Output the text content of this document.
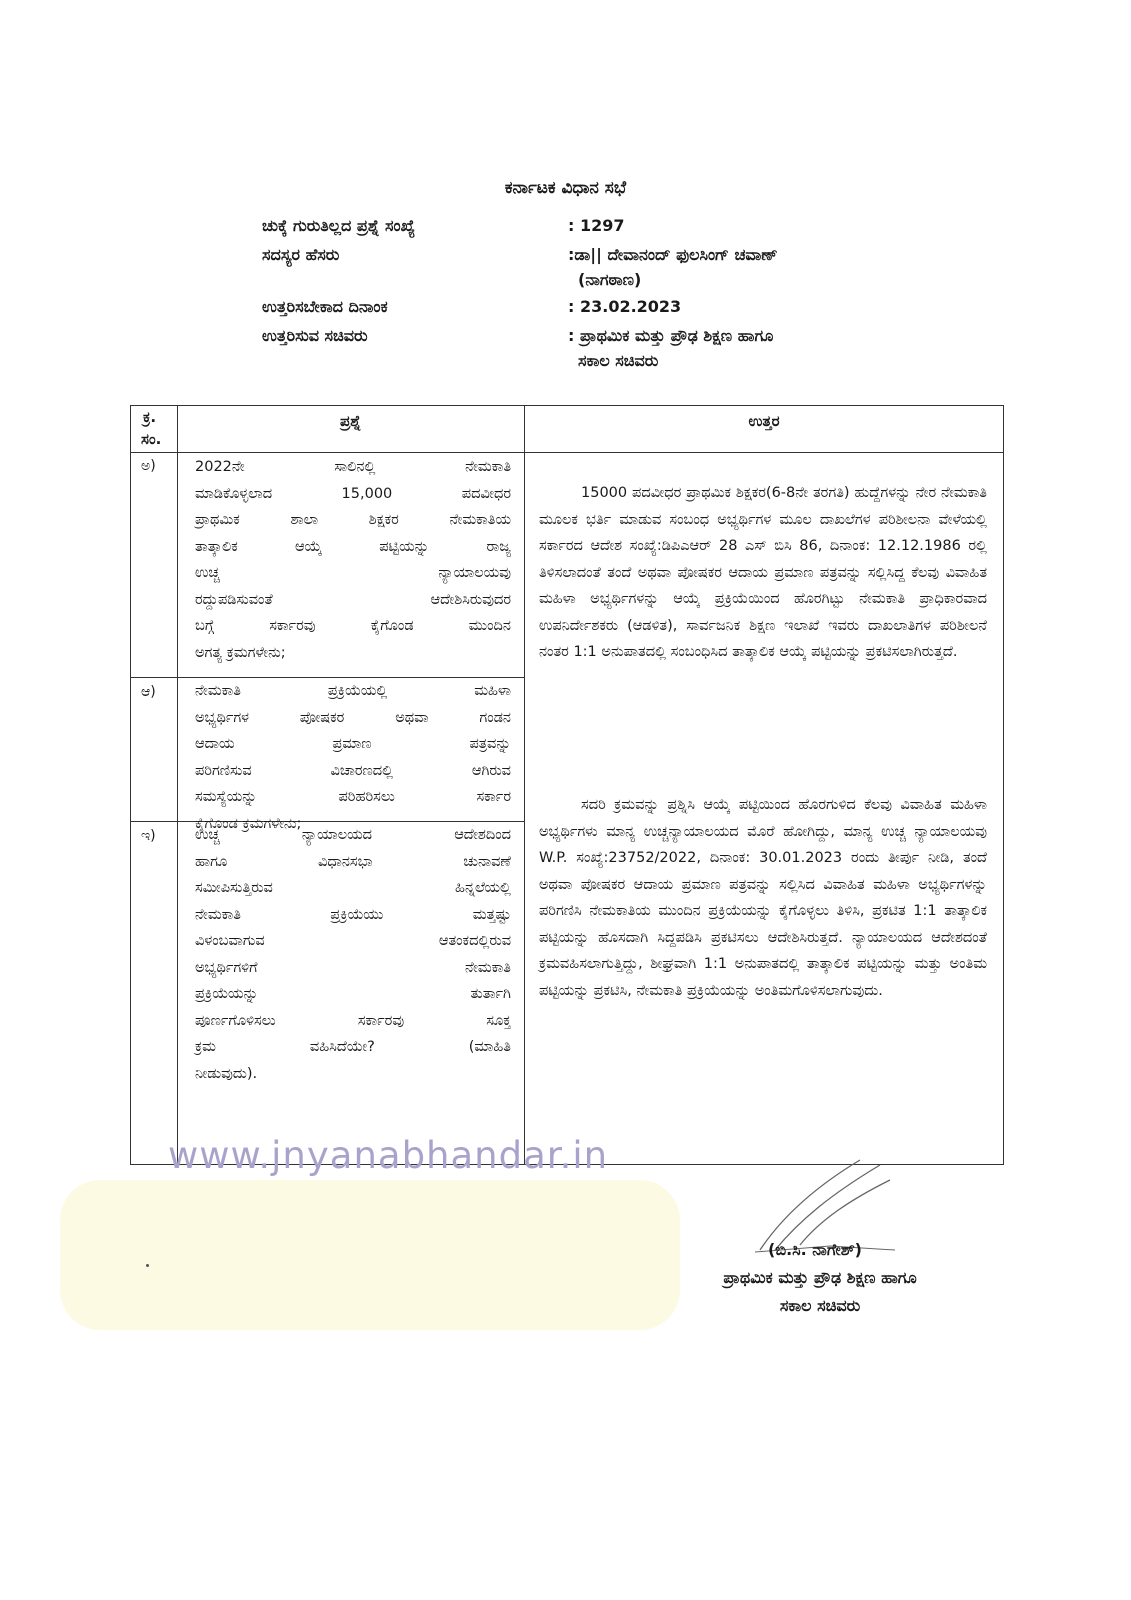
ಕರ್ನಾಟಕ ವಿಧಾನ ಸಭೆ
ಚುಕ್ಕೆ ಗುರುತಿಲ್ಲದ ಪ್ರಶ್ನೆ ಸಂಖ್ಯೆ	: 1297
ಸದಸ್ಯರ ಹೆಸರು	:ಡಾ|| ದೇವಾನಂದ್ ಫುಲಸಿಂಗ್ ಚವಾಣ್
(ನಾಗಠಾಣ)
ಉತ್ತರಿಸಬೇಕಾದ ದಿನಾಂಕ	: 23.02.2023
ಉತ್ತರಿಸುವ ಸಚಿವರು	: ಪ್ರಾಥಮಿಕ ಮತ್ತು ಪ್ರೌಢ ಶಿಕ್ಷಣ ಹಾಗೂ
ಸಕಾಲ ಸಚಿವರು
ಕ್ರ.
ಸಂ.
ಪ್ರಶ್ನೆ	ಉತ್ತರ
ಅ)	2022ನೇ ಸಾಲಿನಲ್ಲಿ ನೇಮಕಾತಿ
ಮಾಡಿಕೊಳ್ಳಲಾದ 15,000 ಪದವೀಧರ
ಪ್ರಾಥಮಿಕ ಶಾಲಾ ಶಿಕ್ಷಕರ ನೇಮಕಾತಿಯ
ತಾತ್ಕಾಲಿಕ ಆಯ್ಕೆ ಪಟ್ಟಿಯನ್ನು ರಾಜ್ಯ
ಉಚ್ಚ ನ್ಯಾಯಾಲಯವು
ರದ್ದುಪಡಿಸುವಂತೆ ಆದೇಶಿಸಿರುವುದರ
ಬಗ್ಗೆ ಸರ್ಕಾರವು ಕೈಗೊಂಡ ಮುಂದಿನ
ಅಗತ್ಯ ಕ್ರಮಗಳೇನು;
ಆ)	ನೇಮಕಾತಿ ಪ್ರಕ್ರಿಯೆಯಲ್ಲಿ ಮಹಿಳಾ
ಅಭ್ಯರ್ಥಿಗಳ ಪೋಷಕರ ಅಥವಾ ಗಂಡನ
ಆದಾಯ ಪ್ರಮಾಣ ಪತ್ರವನ್ನು
ಪರಿಗಣಿಸುವ ವಿಚಾರಣದಲ್ಲಿ ಆಗಿರುವ
ಸಮಸ್ಯೆಯನ್ನು ಪರಿಹರಿಸಲು ಸರ್ಕಾರ
ಕೈಗೊಂಡ ಕ್ರಮಗಳೇನು;
ಇ)	ಉಚ್ಚ ನ್ಯಾಯಾಲಯದ ಆದೇಶದಿಂದ
ಹಾಗೂ ವಿಧಾನಸಭಾ ಚುನಾವಣೆ
ಸಮೀಪಿಸುತ್ತಿರುವ ಹಿನ್ನಲೆಯಲ್ಲಿ
ನೇಮಕಾತಿ ಪ್ರಕ್ರಿಯೆಯು ಮತ್ತಷ್ಟು
ವಿಳಂಬವಾಗುವ ಆತಂಕದಲ್ಲಿರುವ
ಅಭ್ಯರ್ಥಿಗಳಿಗೆ ನೇಮಕಾತಿ
ಪ್ರಕ್ರಿಯೆಯನ್ನು ತುರ್ತಾಗಿ
ಪೂರ್ಣಗೊಳಿಸಲು ಸರ್ಕಾರವು ಸೂಕ್ತ
ಕ್ರಮ ವಹಿಸಿದೆಯೇ? (ಮಾಹಿತಿ
ನೀಡುವುದು).
15000 ಪದವೀಧರ ಪ್ರಾಥಮಿಕ ಶಿಕ್ಷಕರ(6-8ನೇ ತರಗತಿ) ಹುದ್ದೆಗಳನ್ನು ನೇರ ನೇಮಕಾತಿ ಮೂಲಕ ಭರ್ತಿ ಮಾಡುವ ಸಂಬಂಧ ಅಭ್ಯರ್ಥಿಗಳ ಮೂಲ ದಾಖಲೆಗಳ ಪರಿಶೀಲನಾ ವೇಳೆಯಲ್ಲಿ ಸರ್ಕಾರದ ಆದೇಶ ಸಂಖ್ಯೆ:ಡಿಪಿಎಆರ್ 28 ಎಸ್ ಬಿಸಿ 86, ದಿನಾಂಕ: 12.12.1986 ರಲ್ಲಿ ತಿಳಿಸಲಾದಂತೆ ತಂದೆ ಅಥವಾ ಪೋಷಕರ ಆದಾಯ ಪ್ರಮಾಣ ಪತ್ರವನ್ನು ಸಲ್ಲಿಸಿದ್ದ ಕೆಲವು ವಿವಾಹಿತ ಮಹಿಳಾ ಅಭ್ಯರ್ಥಿಗಳನ್ನು ಆಯ್ಕೆ ಪ್ರಕ್ರಿಯೆಯಿಂದ ಹೊರಗಿಟ್ಟು ನೇಮಕಾತಿ ಪ್ರಾಧಿಕಾರವಾದ ಉಪನಿರ್ದೇಶಕರು (ಆಡಳಿತ), ಸಾರ್ವಜನಿಕ ಶಿಕ್ಷಣ ಇಲಾಖೆ ಇವರು ದಾಖಲಾತಿಗಳ ಪರಿಶೀಲನೆ ನಂತರ 1:1 ಅನುಪಾತದಲ್ಲಿ ಸಂಬಂಧಿಸಿದ ತಾತ್ಕಾಲಿಕ ಆಯ್ಕೆ ಪಟ್ಟಿಯನ್ನು ಪ್ರಕಟಿಸಲಾಗಿರುತ್ತದೆ.
ಸದರಿ ಕ್ರಮವನ್ನು ಪ್ರಶ್ನಿಸಿ ಆಯ್ಕೆ ಪಟ್ಟಿಯಿಂದ ಹೊರಗುಳಿದ ಕೆಲವು ವಿವಾಹಿತ ಮಹಿಳಾ ಅಭ್ಯರ್ಥಿಗಳು ಮಾನ್ಯ ಉಚ್ಚನ್ಯಾಯಾಲಯದ ಮೊರೆ ಹೋಗಿದ್ದು, ಮಾನ್ಯ ಉಚ್ಚ ನ್ಯಾಯಾಲಯವು W.P. ಸಂಖ್ಯೆ:23752/2022, ದಿನಾಂಕ: 30.01.2023 ರಂದು ತೀರ್ಪು ನೀಡಿ, ತಂದೆ ಅಥವಾ ಪೋಷಕರ ಆದಾಯ ಪ್ರಮಾಣ ಪತ್ರವನ್ನು ಸಲ್ಲಿಸಿದ ವಿವಾಹಿತ ಮಹಿಳಾ ಅಭ್ಯರ್ಥಿಗಳನ್ನು ಪರಿಗಣಿಸಿ ನೇಮಕಾತಿಯ ಮುಂದಿನ ಪ್ರಕ್ರಿಯೆಯನ್ನು ಕೈಗೊಳ್ಳಲು ತಿಳಿಸಿ, ಪ್ರಕಟಿತ 1:1 ತಾತ್ಕಾಲಿಕ ಪಟ್ಟಿಯನ್ನು ಹೊಸದಾಗಿ ಸಿದ್ದಪಡಿಸಿ ಪ್ರಕಟಿಸಲು ಆದೇಶಿಸಿರುತ್ತದೆ. ನ್ಯಾಯಾಲಯದ ಆದೇಶದಂತೆ ಕ್ರಮವಹಿಸಲಾಗುತ್ತಿದ್ದು, ಶೀಘ್ರವಾಗಿ 1:1 ಅನುಪಾತದಲ್ಲಿ ತಾತ್ಕಾಲಿಕ ಪಟ್ಟಿಯನ್ನು ಮತ್ತು ಅಂತಿಮ ಪಟ್ಟಿಯನ್ನು ಪ್ರಕಟಿಸಿ, ನೇಮಕಾತಿ ಪ್ರಕ್ರಿಯೆಯನ್ನು ಅಂತಿಮಗೊಳಿಸಲಾಗುವುದು.
www.jnyanabhandar.in
(ಬಿ.ಸಿ. ನಾಗೇಶ್)
ಪ್ರಾಥಮಿಕ ಮತ್ತು ಪ್ರೌಢ ಶಿಕ್ಷಣ ಹಾಗೂ
ಸಕಾಲ ಸಚಿವರು
